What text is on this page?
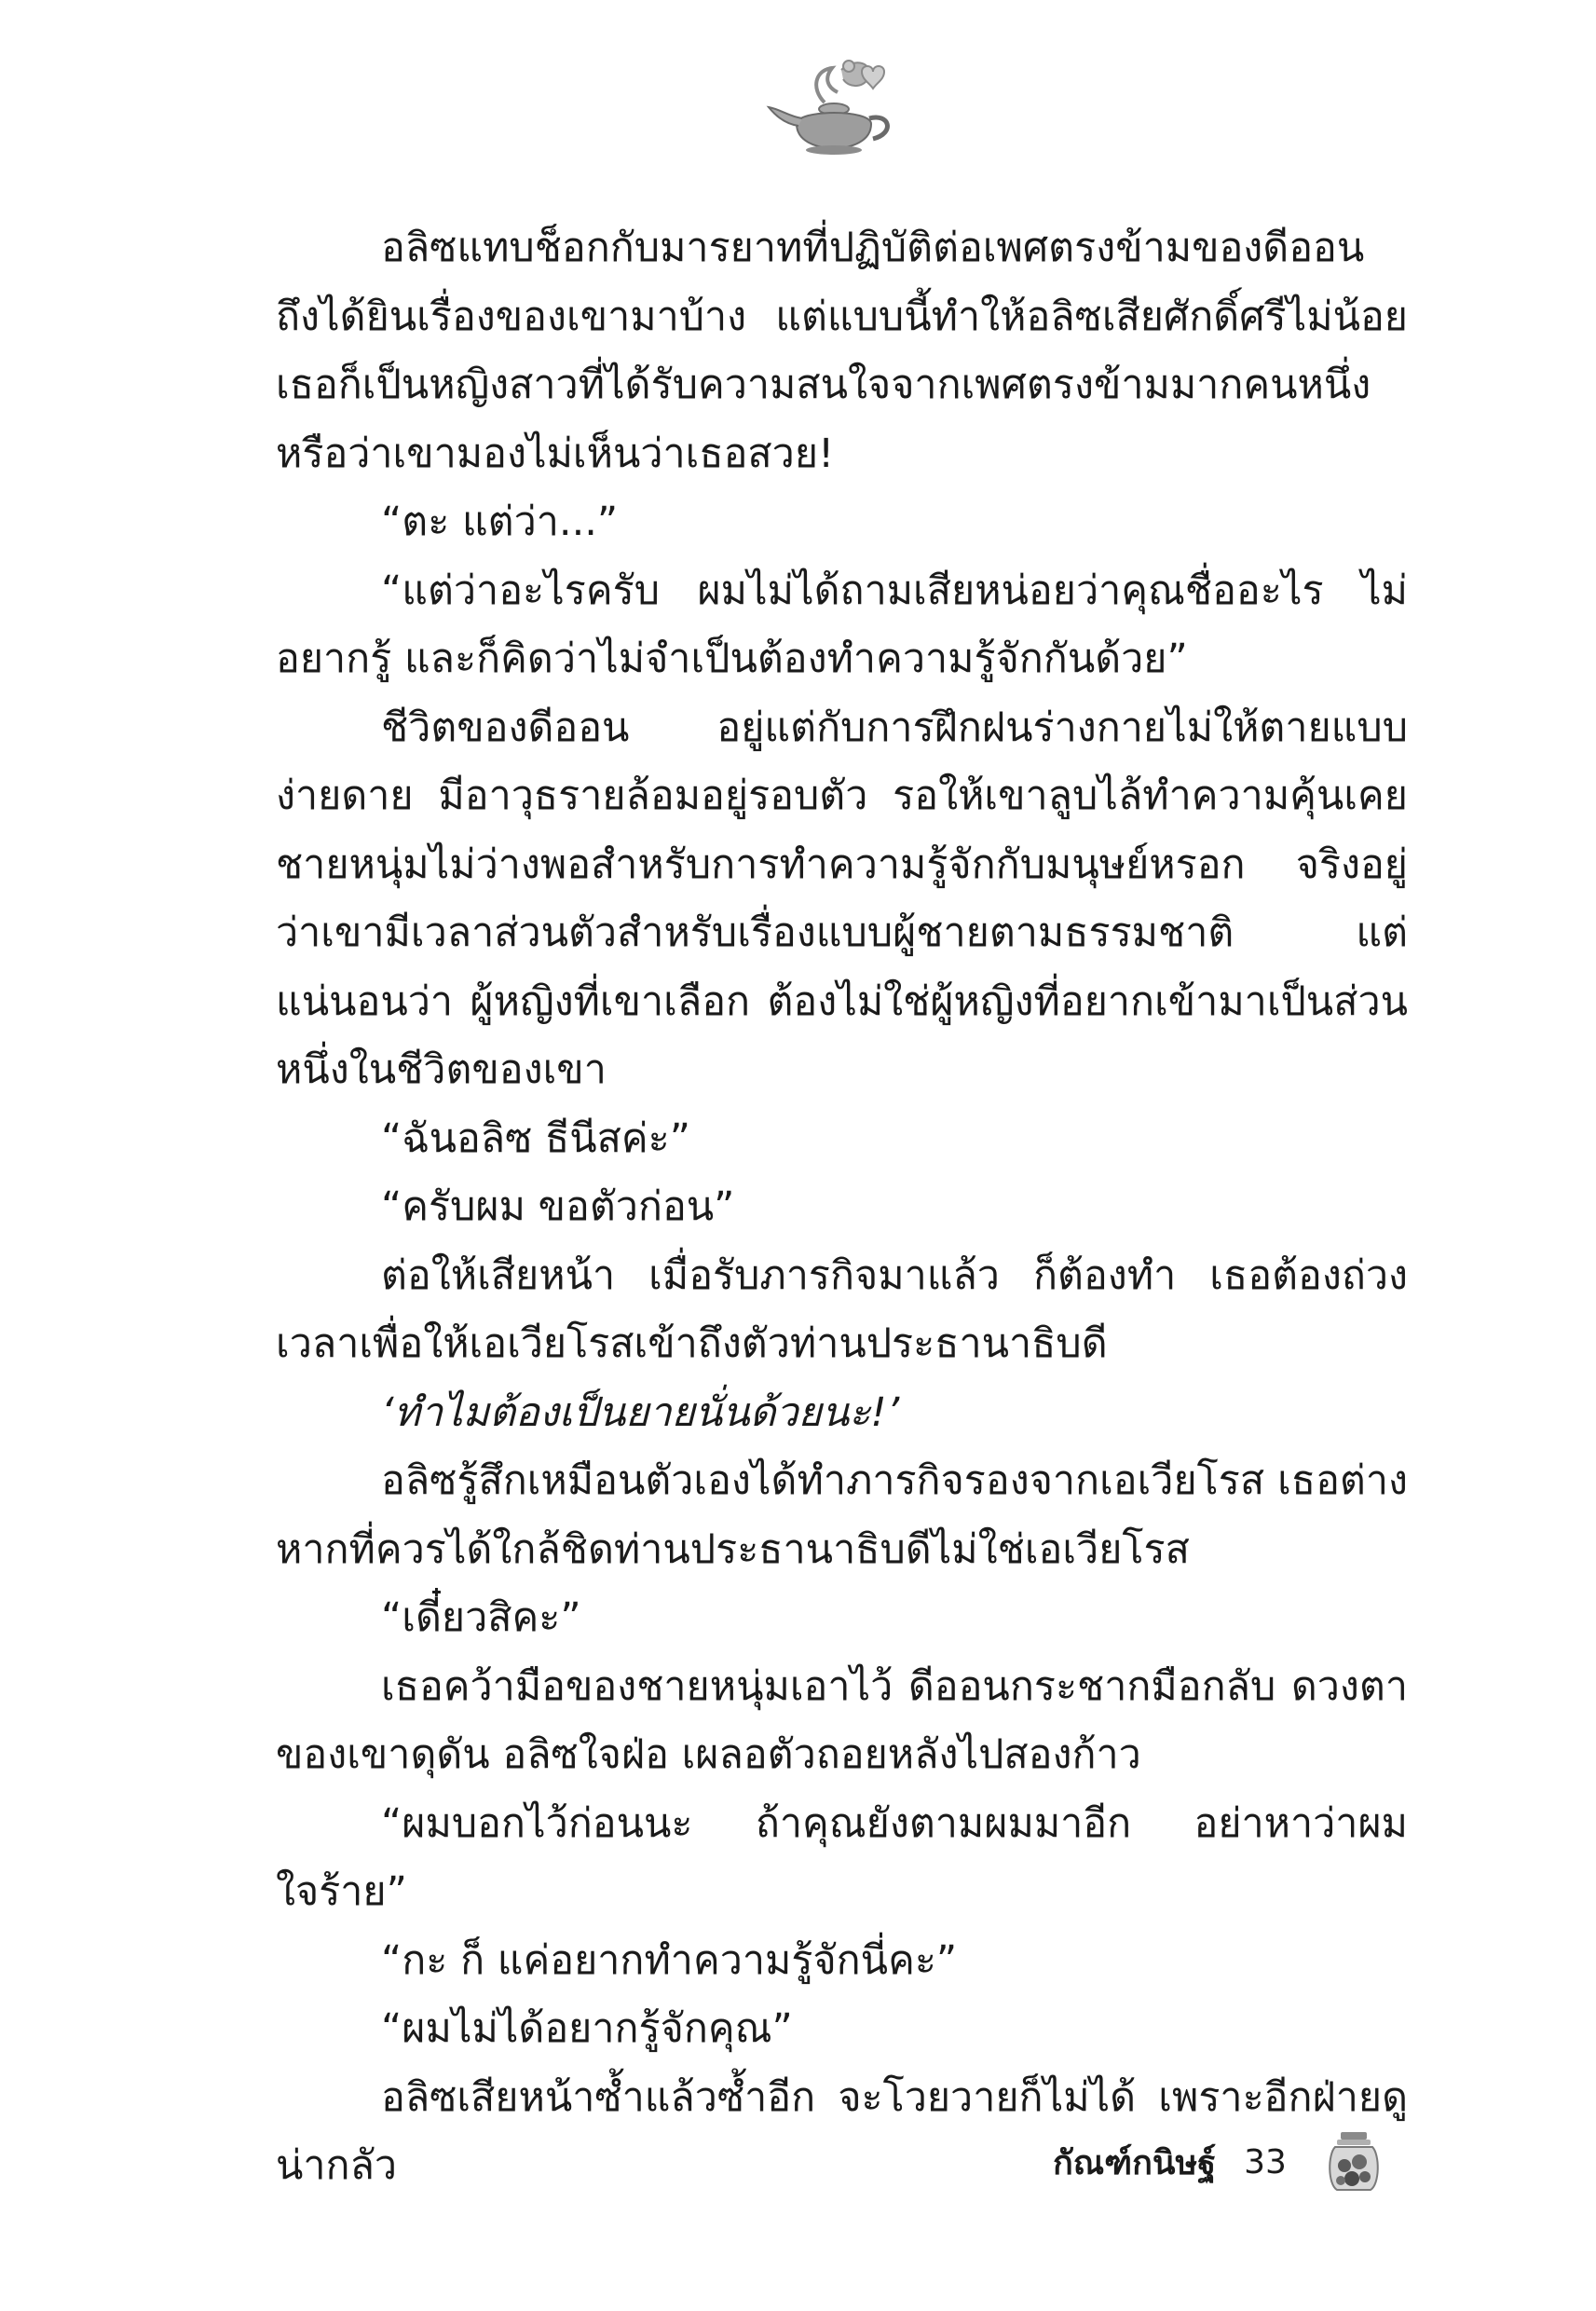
อลิซแทบช็อกกับมารยาทที่ปฏิบัติต่อเพศตรงข้ามของดีออน ถึงได้ยินเรื่องของเขามาบ้าง แต่แบบนี้ทำให้อลิซเสียศักดิ์ศรีไม่น้อย เธอก็เป็นหญิงสาวที่ได้รับความสนใจจากเพศตรงข้ามมากคนหนึ่ง หรือว่าเขามองไม่เห็นว่าเธอสวย!

“ตะ แต่ว่า...”

“แต่ว่าอะไรครับ ผมไม่ได้ถามเสียหน่อยว่าคุณชื่ออะไร ไม่อยากรู้ และก็คิดว่าไม่จำเป็นต้องทำความรู้จักกันด้วย”

ชีวิตของดีออน อยู่แต่กับการฝึกฝนร่างกายไม่ให้ตายแบบง่ายดาย มีอาวุธรายล้อมอยู่รอบตัว รอให้เขาลูบไล้ทำความคุ้นเคย ชายหนุ่มไม่ว่างพอสำหรับการทำความรู้จักกับมนุษย์หรอก จริงอยู่ว่าเขามีเวลาส่วนตัวสำหรับเรื่องแบบผู้ชายตามธรรมชาติ แต่แน่นอนว่า ผู้หญิงที่เขาเลือก ต้องไม่ใช่ผู้หญิงที่อยากเข้ามาเป็นส่วนหนึ่งในชีวิตของเขา

“ฉันอลิซ ธีนีสค่ะ”

“ครับผม ขอตัวก่อน”

ต่อให้เสียหน้า เมื่อรับภารกิจมาแล้ว ก็ต้องทำ เธอต้องถ่วงเวลาเพื่อให้เอเวียโรสเข้าถึงตัวท่านประธานาธิบดี

‘ทำไมต้องเป็นยายนั่นด้วยนะ!’

อลิซรู้สึกเหมือนตัวเองได้ทำภารกิจรองจากเอเวียโรส เธอต่างหากที่ควรได้ใกล้ชิดท่านประธานาธิบดีไม่ใช่เอเวียโรส

“เดี๋ยวสิคะ”

เธอคว้ามือของชายหนุ่มเอาไว้ ดีออนกระชากมือกลับ ดวงตาของเขาดุดัน อลิซใจฝ่อ เผลอตัวถอยหลังไปสองก้าว

“ผมบอกไว้ก่อนนะ ถ้าคุณยังตามผมมาอีก อย่าหาว่าผมใจร้าย”

“กะ ก็ แค่อยากทำความรู้จักนี่คะ”

“ผมไม่ได้อยากรู้จักคุณ”

อลิซเสียหน้าซ้ำแล้วซ้ำอีก จะโวยวายก็ไม่ได้ เพราะอีกฝ่ายดูน่ากลัว	กัณฑ์กนิษฐ์ 33
